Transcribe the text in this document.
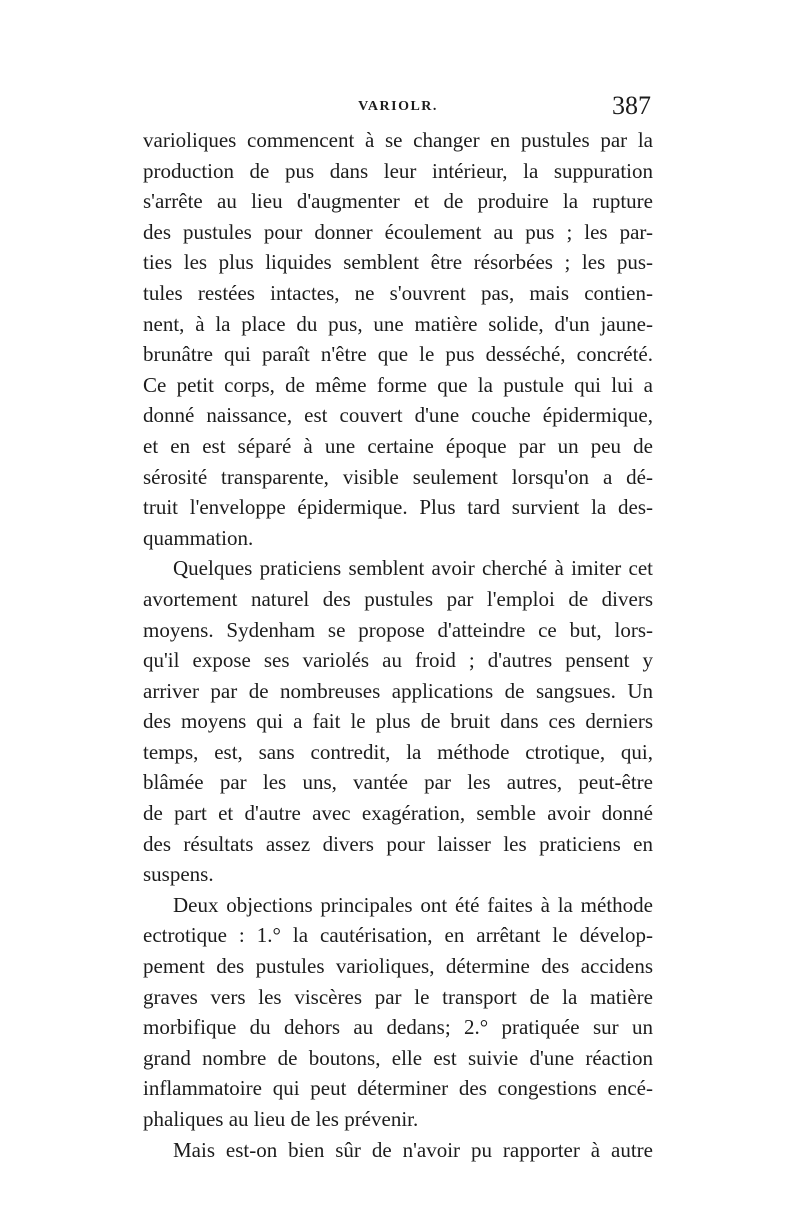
VARIOLR.	387
varioliques commencent à se changer en pustules par la
production de pus dans leur intérieur, la suppuration
s'arrête au lieu d'augmenter et de produire la rupture
des pustules pour donner écoulement au pus ; les par-
ties les plus liquides semblent être résorbées ; les pus-
tules restées intactes, ne s'ouvrent pas, mais contien-
nent, à la place du pus, une matière solide, d'un jaune-
brunâtre qui paraît n'être que le pus desséché, concrété.
Ce petit corps, de même forme que la pustule qui lui a
donné naissance, est couvert d'une couche épidermique,
et en est séparé à une certaine époque par un peu de
sérosité transparente, visible seulement lorsqu'on a dé-
truit l'enveloppe épidermique. Plus tard survient la des-
quammation.
Quelques praticiens semblent avoir cherché à imiter cet
avortement naturel des pustules par l'emploi de divers
moyens. Sydenham se propose d'atteindre ce but, lors-
qu'il expose ses variolés au froid ; d'autres pensent y
arriver par de nombreuses applications de sangsues. Un
des moyens qui a fait le plus de bruit dans ces derniers
temps, est, sans contredit, la méthode ctrotique, qui,
blâmée par les uns, vantée par les autres, peut-être
de part et d'autre avec exagération, semble avoir donné
des résultats assez divers pour laisser les praticiens en
suspens.
Deux objections principales ont été faites à la méthode
ectrotique : 1.° la cautérisation, en arrêtant le dévelop-
pement des pustules varioliques, détermine des accidens
graves vers les viscères par le transport de la matière
morbifique du dehors au dedans; 2.° pratiquée sur un
grand nombre de boutons, elle est suivie d'une réaction
inflammatoire qui peut déterminer des congestions encé-
phaliques au lieu de les prévenir.
Mais est-on bien sûr de n'avoir pu rapporter à autre
